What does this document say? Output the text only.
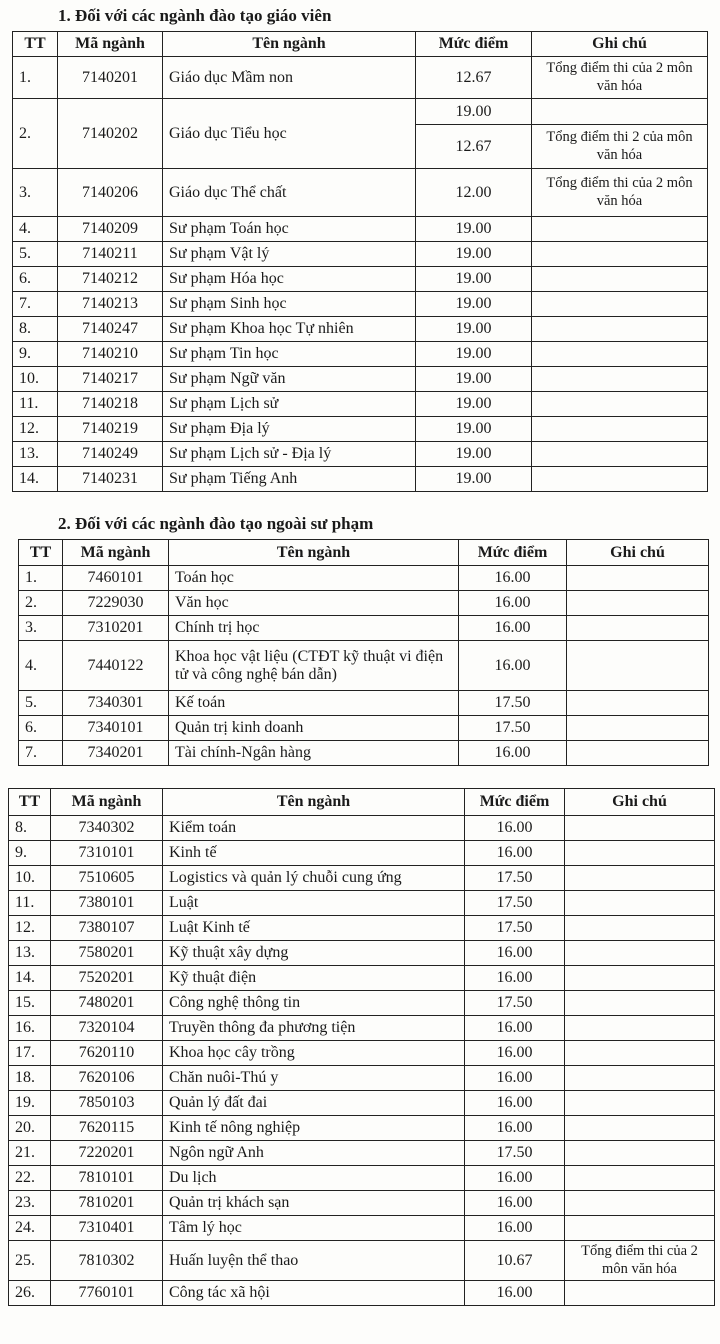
1. Đối với các ngành đào tạo giáo viên
TT	Mã ngành	Tên ngành	Mức điểm	Ghi chú
1.	7140201	Giáo dục Mầm non	12.67	Tổng điểm thi của 2 môn văn hóa
2.	7140202	Giáo dục Tiểu học	19.00	
			12.67	Tổng điểm thi 2 của môn văn hóa
3.	7140206	Giáo dục Thể chất	12.00	Tổng điểm thi của 2 môn văn hóa
4.	7140209	Sư phạm Toán học	19.00	
5.	7140211	Sư phạm Vật lý	19.00	
6.	7140212	Sư phạm Hóa học	19.00	
7.	7140213	Sư phạm Sinh học	19.00	
8.	7140247	Sư phạm Khoa học Tự nhiên	19.00	
9.	7140210	Sư phạm Tin học	19.00	
10.	7140217	Sư phạm Ngữ văn	19.00	
11.	7140218	Sư phạm Lịch sử	19.00	
12.	7140219	Sư phạm Địa lý	19.00	
13.	7140249	Sư phạm Lịch sử - Địa lý	19.00	
14.	7140231	Sư phạm Tiếng Anh	19.00	
2. Đối với các ngành đào tạo ngoài sư phạm
TT	Mã ngành	Tên ngành	Mức điểm	Ghi chú
1.	7460101	Toán học	16.00	
2.	7229030	Văn học	16.00	
3.	7310201	Chính trị học	16.00	
4.	7440122	Khoa học vật liệu (CTĐT kỹ thuật vi điện tử và công nghệ bán dẫn)	16.00	
5.	7340301	Kế toán	17.50	
6.	7340101	Quản trị kinh doanh	17.50	
7.	7340201	Tài chính-Ngân hàng	16.00	
TT	Mã ngành	Tên ngành	Mức điểm	Ghi chú
8.	7340302	Kiểm toán	16.00	
9.	7310101	Kinh tế	16.00	
10.	7510605	Logistics và quản lý chuỗi cung ứng	17.50	
11.	7380101	Luật	17.50	
12.	7380107	Luật Kinh tế	17.50	
13.	7580201	Kỹ thuật xây dựng	16.00	
14.	7520201	Kỹ thuật điện	16.00	
15.	7480201	Công nghệ thông tin	17.50	
16.	7320104	Truyền thông đa phương tiện	16.00	
17.	7620110	Khoa học cây trồng	16.00	
18.	7620106	Chăn nuôi-Thú y	16.00	
19.	7850103	Quản lý đất đai	16.00	
20.	7620115	Kinh tế nông nghiệp	16.00	
21.	7220201	Ngôn ngữ Anh	17.50	
22.	7810101	Du lịch	16.00	
23.	7810201	Quản trị khách sạn	16.00	
24.	7310401	Tâm lý học	16.00	
25.	7810302	Huấn luyện thể thao	10.67	Tổng điểm thi của 2 môn văn hóa
26.	7760101	Công tác xã hội	16.00	
